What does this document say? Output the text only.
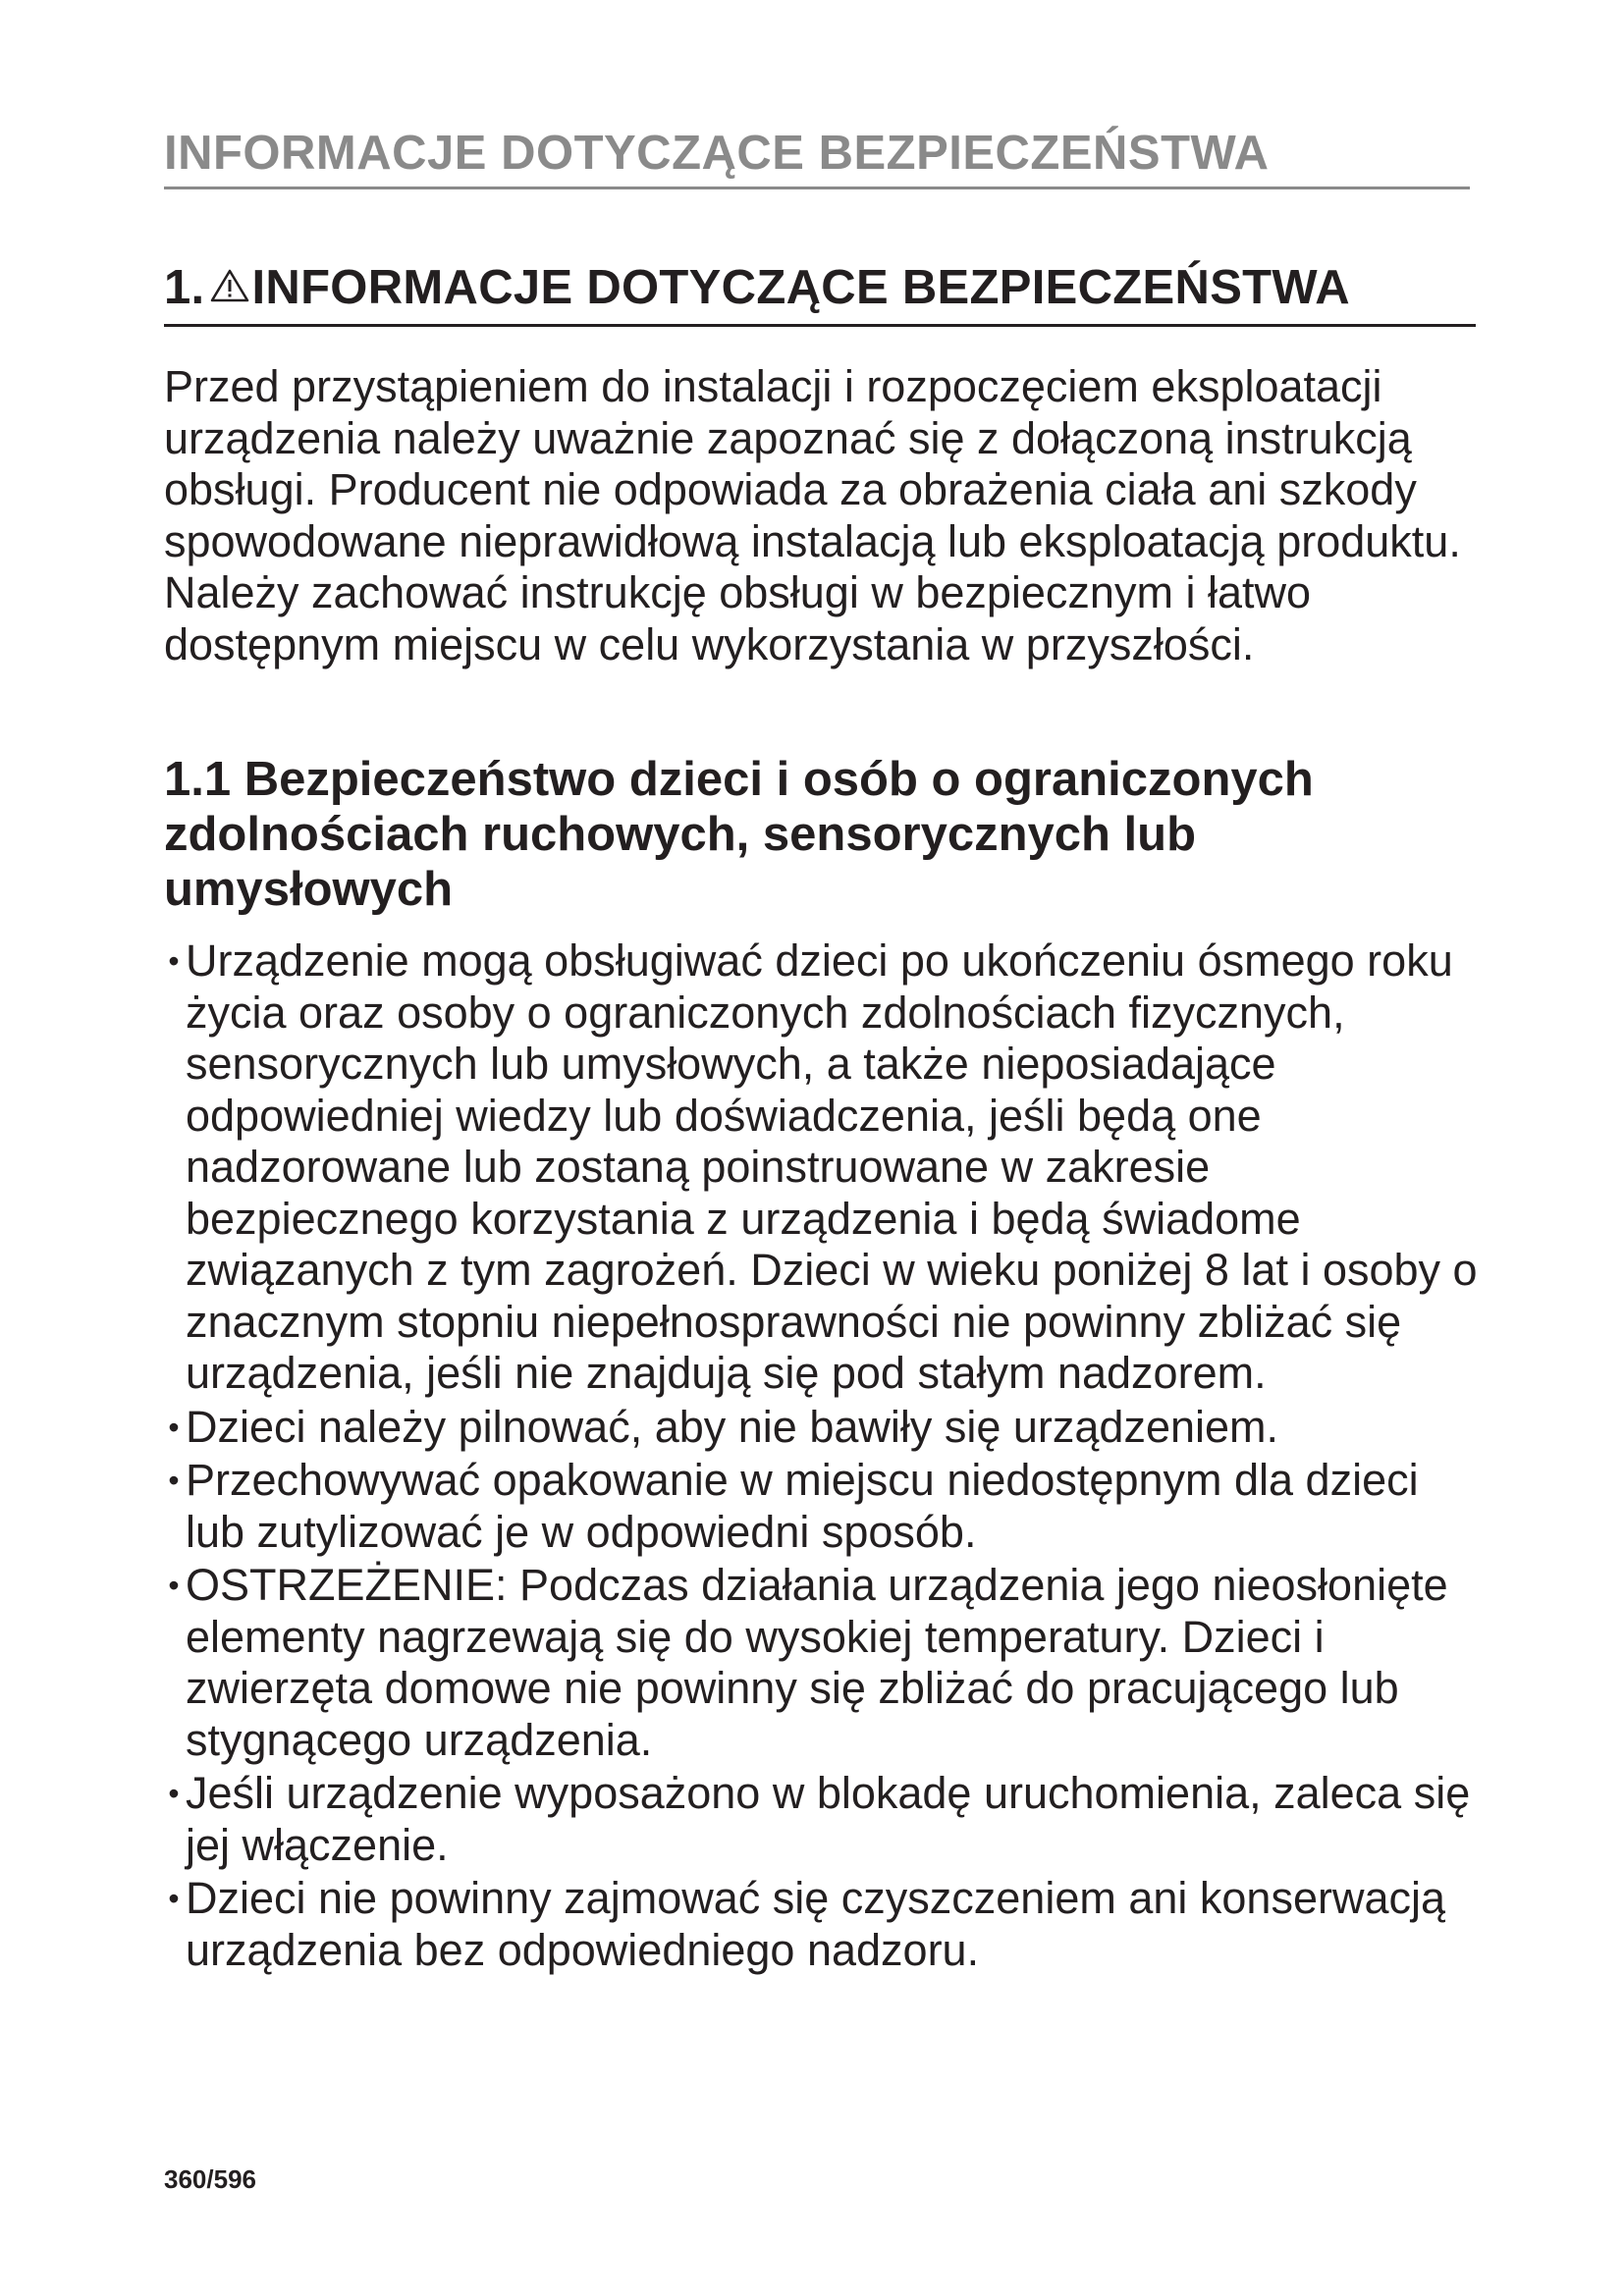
INFORMACJE DOTYCZĄCE BEZPIECZEŃSTWA
1. INFORMACJE DOTYCZĄCE BEZPIECZEŃSTWA

Przed przystąpieniem do instalacji i rozpoczęciem eksploatacji urządzenia należy uważnie zapoznać się z dołączoną instrukcją obsługi. Producent nie odpowiada za obrażenia ciała ani szkody spowodowane nieprawidłową instalacją lub eksploatacją produktu. Należy zachować instrukcję obsługi w bezpiecznym i łatwo dostępnym miejscu w celu wykorzystania w przyszłości.

1.1 Bezpieczeństwo dzieci i osób o ograniczonych zdolnościach ruchowych, sensorycznych lub umysłowych
• Urządzenie mogą obsługiwać dzieci po ukończeniu ósmego roku życia oraz osoby o ograniczonych zdolnościach fizycznych, sensorycznych lub umysłowych, a także nieposiadające odpowiedniej wiedzy lub doświadczenia, jeśli będą one nadzorowane lub zostaną poinstruowane w zakresie bezpiecznego korzystania z urządzenia i będą świadome związanych z tym zagrożeń. Dzieci w wieku poniżej 8 lat i osoby o znacznym stopniu niepełnosprawności nie powinny zbliżać się urządzenia, jeśli nie znajdują się pod stałym nadzorem.
• Dzieci należy pilnować, aby nie bawiły się urządzeniem.
• Przechowywać opakowanie w miejscu niedostępnym dla dzieci lub zutylizować je w odpowiedni sposób.
• OSTRZEŻENIE: Podczas działania urządzenia jego nieosłonięte elementy nagrzewają się do wysokiej temperatury. Dzieci i zwierzęta domowe nie powinny się zbliżać do pracującego lub stygnącego urządzenia.
• Jeśli urządzenie wyposażono w blokadę uruchomienia, zaleca się jej włączenie.
• Dzieci nie powinny zajmować się czyszczeniem ani konserwacją urządzenia bez odpowiedniego nadzoru.
360/596
